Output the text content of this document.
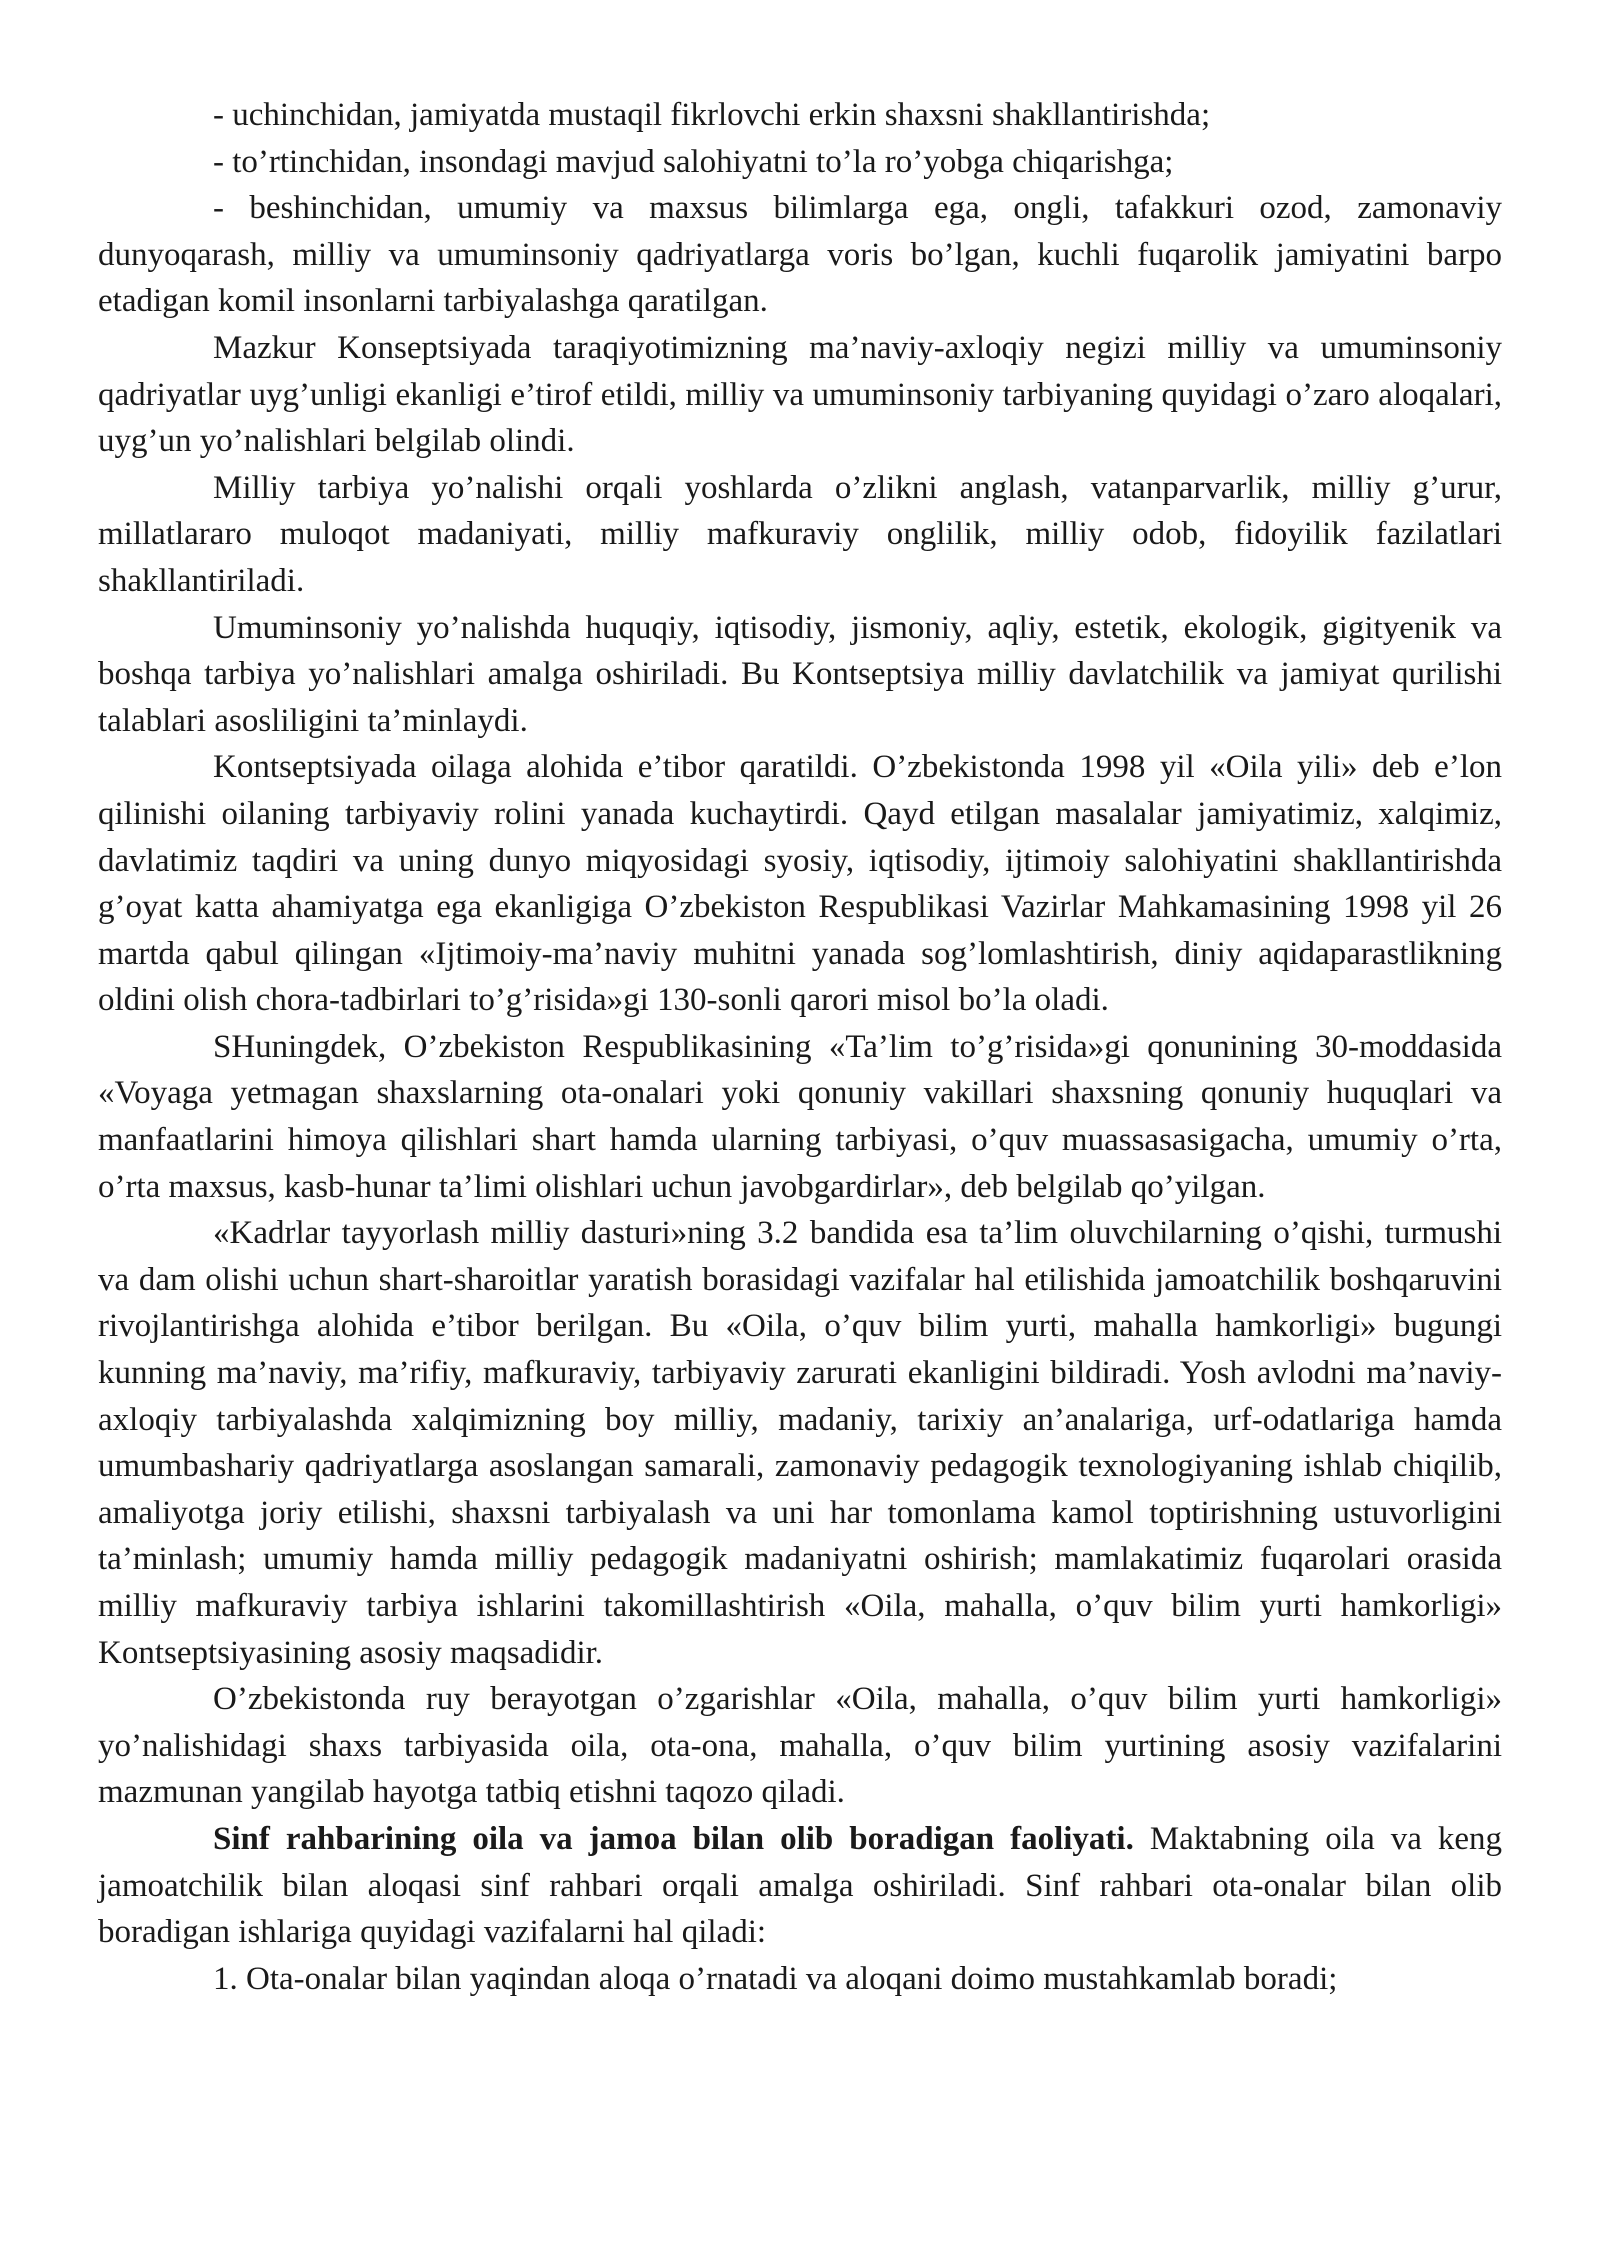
- uchinchidan, jamiyatda mustaqil fikrlovchi erkin shaxsni shakllantirishda;

- to’rtinchidan, insondagi mavjud salohiyatni to’la ro’yobga chiqarishga;

- beshinchidan, umumiy va maxsus bilimlarga ega, ongli, tafakkuri ozod, zamonaviy dunyoqarash, milliy va umuminsoniy qadriyatlarga voris bo’lgan, kuchli fuqarolik jamiyatini barpo etadigan komil insonlarni tarbiyalashga qaratilgan.

Mazkur Konseptsiyada taraqiyotimizning ma’naviy-axloqiy negizi milliy va umuminsoniy qadriyatlar uyg’unligi ekanligi e’tirof etildi, milliy va umuminsoniy tarbiyaning quyidagi o’zaro aloqalari, uyg’un yo’nalishlari belgilab olindi.

Milliy tarbiya yo’nalishi orqali yoshlarda o’zlikni anglash, vatanparvarlik, milliy g’urur, millatlararo muloqot madaniyati, milliy mafkuraviy onglilik, milliy odob, fidoyilik fazilatlari shakllantiriladi.

Umuminsoniy yo’nalishda huquqiy, iqtisodiy, jismoniy, aqliy, estetik, ekologik, gigityenik va boshqa tarbiya yo’nalishlari amalga oshiriladi. Bu Kontseptsiya milliy davlatchilik va jamiyat qurilishi talablari asosliligini ta’minlaydi.

Kontseptsiyada oilaga alohida e’tibor qaratildi. O’zbekistonda 1998 yil «Oila yili» deb e’lon qilinishi oilaning tarbiyaviy rolini yanada kuchaytirdi. Qayd etilgan masalalar jamiyatimiz, xalqimiz, davlatimiz taqdiri va uning dunyo miqyosidagi syosiy, iqtisodiy, ijtimoiy salohiyatini shakllantirishda g’oyat katta ahamiyatga ega ekanligiga O’zbekiston Respublikasi Vazirlar Mahkamasining 1998 yil 26 martda qabul qilingan «Ijtimoiy-ma’naviy muhitni yanada sog’lomlashtirish, diniy aqidaparastlikning oldini olish chora-tadbirlari to’g’risida»gi 130-sonli qarori misol bo’la oladi.

SHuningdek, O’zbekiston Respublikasining «Ta’lim to’g’risida»gi qonunining 30-moddasida «Voyaga yetmagan shaxslarning ota-onalari yoki qonuniy vakillari shaxsning qonuniy huquqlari va manfaatlarini himoya qilishlari shart hamda ularning tarbiyasi, o’quv muassasasigacha, umumiy o’rta, o’rta maxsus, kasb-hunar ta’limi olishlari uchun javobgardirlar», deb belgilab qo’yilgan.

«Kadrlar tayyorlash milliy dasturi»ning 3.2 bandida esa ta’lim oluvchilarning o’qishi, turmushi va dam olishi uchun shart-sharoitlar yaratish borasidagi vazifalar hal etilishida jamoatchilik boshqaruvini rivojlantirishga alohida e’tibor berilgan. Bu «Oila, o’quv bilim yurti, mahalla hamkorligi» bugungi kunning ma’naviy, ma’rifiy, mafkuraviy, tarbiyaviy zarurati ekanligini bildiradi. Yosh avlodni ma’naviy-axloqiy tarbiyalashda xalqimizning boy milliy, madaniy, tarixiy an’analariga, urf-odatlariga hamda umumbashariy qadriyatlarga asoslangan samarali, zamonaviy pedagogik texnologiyaning ishlab chiqilib, amaliyotga joriy etilishi, shaxsni tarbiyalash va uni har tomonlama kamol toptirishning ustuvorligini ta’minlash; umumiy hamda milliy pedagogik madaniyatni oshirish; mamlakatimiz fuqarolari orasida milliy mafkuraviy tarbiya ishlarini takomillashtirish «Oila, mahalla, o’quv bilim yurti hamkorligi» Kontseptsiyasining asosiy maqsadidir.

O’zbekistonda ruy berayotgan o’zgarishlar «Oila, mahalla, o’quv bilim yurti hamkorligi» yo’nalishidagi shaxs tarbiyasida oila, ota-ona, mahalla, o’quv bilim yurtining asosiy vazifalarini mazmunan yangilab hayotga tatbiq etishni taqozo qiladi.

Sinf rahbarining oila va jamoa bilan olib boradigan faoliyati. Maktabning oila va keng jamoatchilik bilan aloqasi sinf rahbari orqali amalga oshiriladi. Sinf rahbari ota-onalar bilan olib boradigan ishlariga quyidagi vazifalarni hal qiladi:

1. Ota-onalar bilan yaqindan aloqa o’rnatadi va aloqani doimo mustahkamlab boradi;
